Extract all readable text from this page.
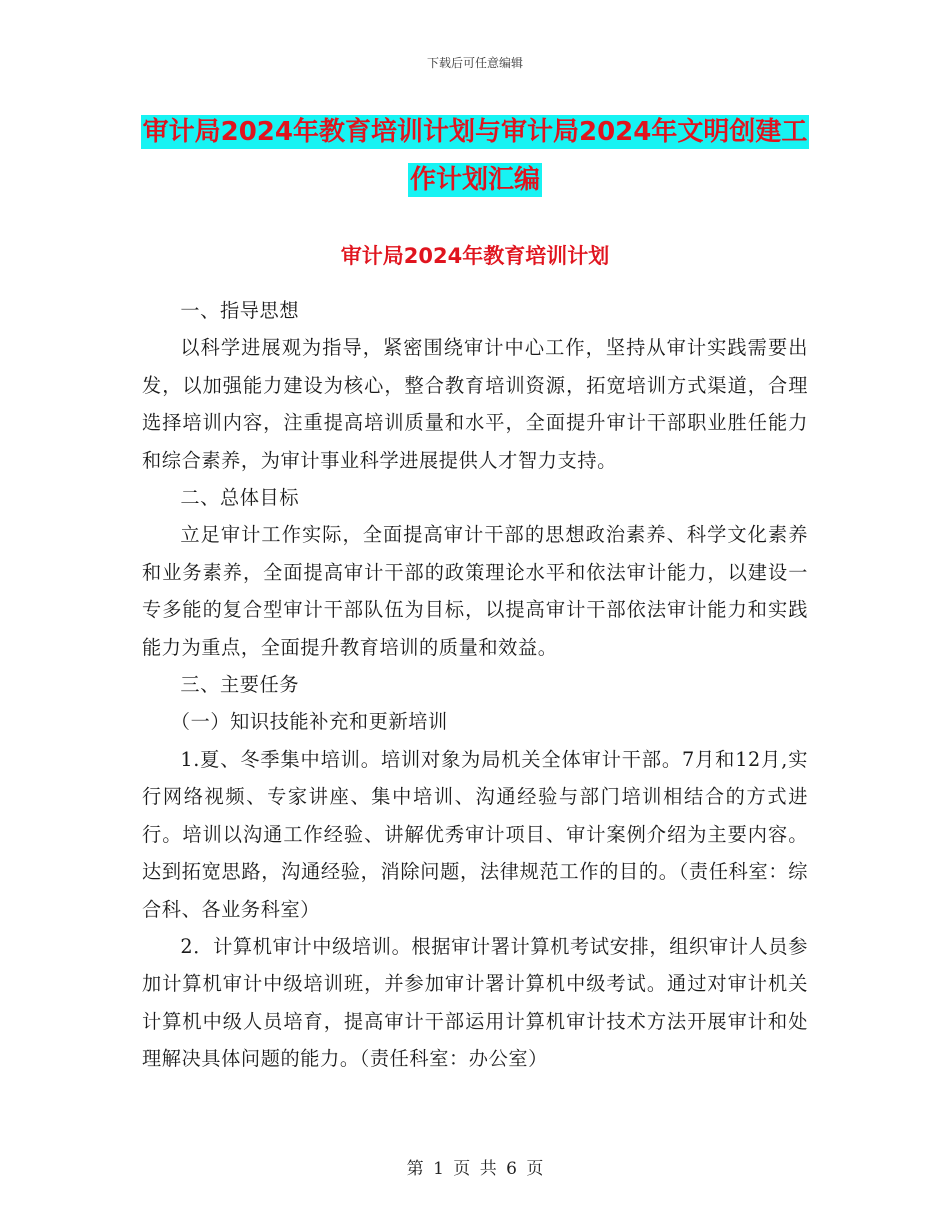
下载后可任意编辑
审计局2024年教育培训计划与审计局2024年文明创建工作计划汇编
审计局2024年教育培训计划

一、指导思想

以科学进展观为指导，紧密围绕审计中心工作，坚持从审计实践需要出发，以加强能力建设为核心，整合教育培训资源，拓宽培训方式渠道，合理选择培训内容，注重提高培训质量和水平，全面提升审计干部职业胜任能力和综合素养，为审计事业科学进展提供人才智力支持。

二、总体目标

立足审计工作实际，全面提高审计干部的思想政治素养、科学文化素养和业务素养，全面提高审计干部的政策理论水平和依法审计能力，以建设一专多能的复合型审计干部队伍为目标，以提高审计干部依法审计能力和实践能力为重点，全面提升教育培训的质量和效益。

三、主要任务

（一）知识技能补充和更新培训

1.夏、冬季集中培训。培训对象为局机关全体审计干部。7月和12月,实行网络视频、专家讲座、集中培训、沟通经验与部门培训相结合的方式进行。培训以沟通工作经验、讲解优秀审计项目、审计案例介绍为主要内容。达到拓宽思路，沟通经验，消除问题，法律规范工作的目的。（责任科室：综合科、各业务科室）

2．计算机审计中级培训。根据审计署计算机考试安排，组织审计人员参加计算机审计中级培训班，并参加审计署计算机中级考试。通过对审计机关计算机中级人员培育，提高审计干部运用计算机审计技术方法开展审计和处理解决具体问题的能力。（责任科室：办公室）

第 1 页 共 6 页
